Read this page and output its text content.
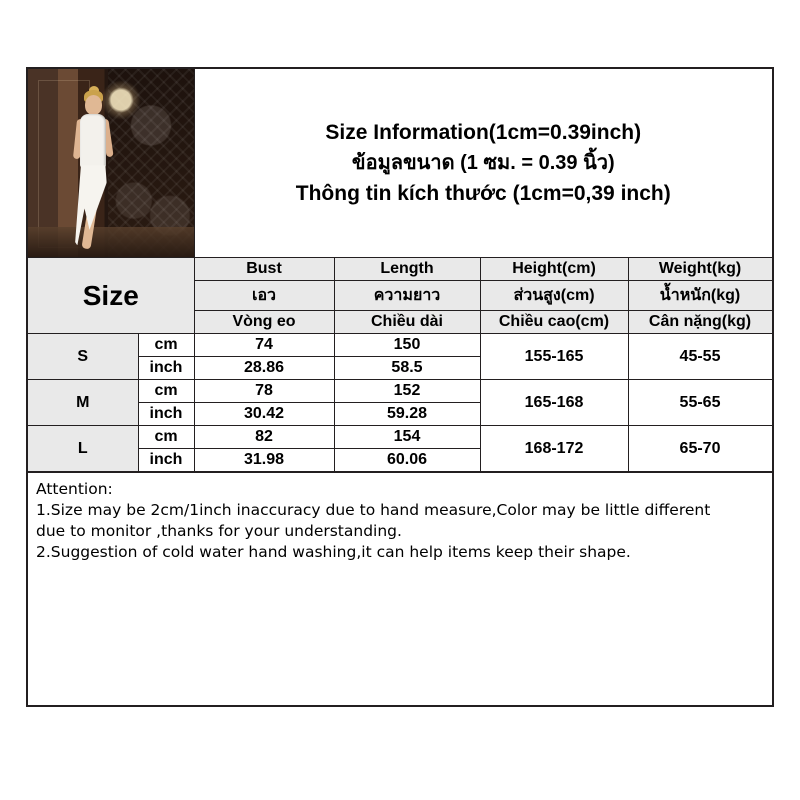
		Size Information(1cm=0.39inch)
ข้อมูลขนาด (1 ซม. = 0.39 นิ้ว)
Thông tin kích thước (1cm=0,39 inch)			

Size		Bust	Length	Height(cm)	Weight(kg)
		เอว	ความยาว	ส่วนสูง(cm)	น้ำหนัก(kg)
		Vòng eo	Chiều dài	Chiều cao(cm)	Cân nặng(kg)
S	cm	74	150	155-165	45-55
	inch	28.86	58.5		
M	cm	78	152	165-168	55-65
	inch	30.42	59.28		
L	cm	82	154	168-172	65-70
	inch	31.98	60.06		
Attention:
1.Size may be 2cm/1inch inaccuracy due to hand measure,Color may be little different
due to monitor ,thanks for your understanding.
2.Suggestion of cold water hand washing,it can help items keep their shape.
